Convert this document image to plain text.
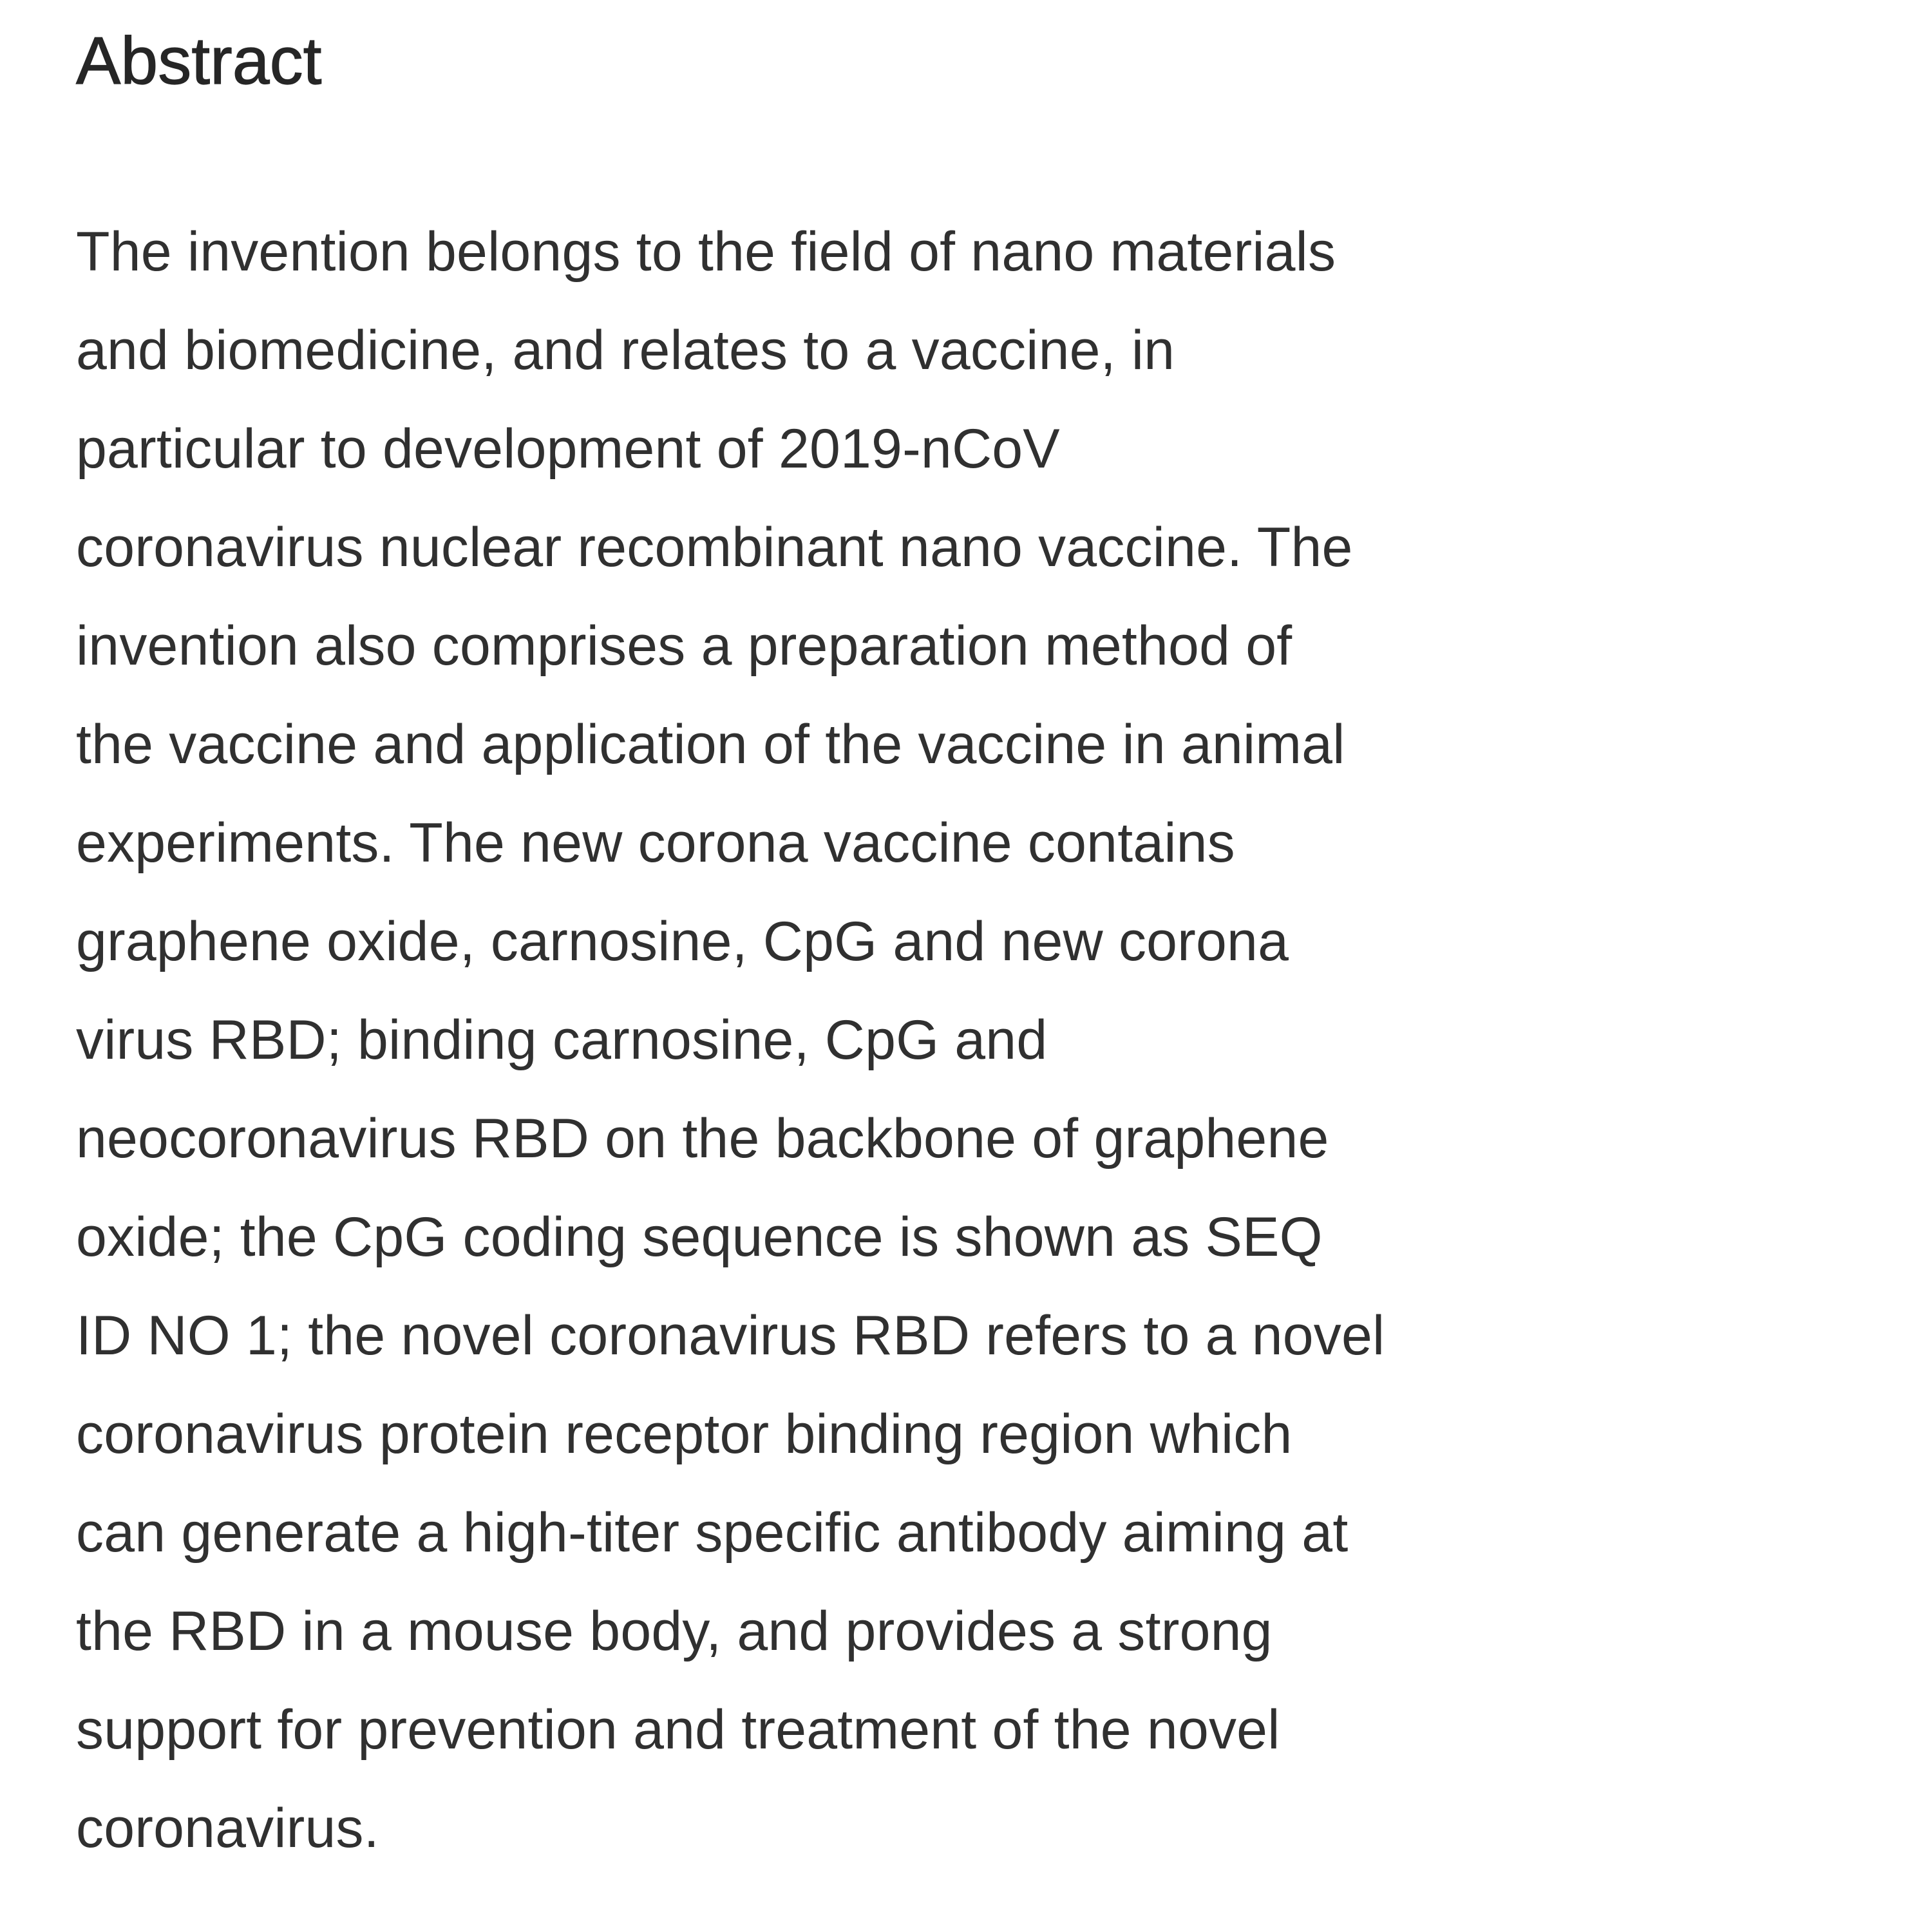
Abstract
The invention belongs to the field of nano materials
and biomedicine, and relates to a vaccine, in
particular to development of 2019-nCoV
coronavirus nuclear recombinant nano vaccine. The
invention also comprises a preparation method of
the vaccine and application of the vaccine in animal
experiments. The new corona vaccine contains
graphene oxide, carnosine, CpG and new corona
virus RBD; binding carnosine, CpG and
neocoronavirus RBD on the backbone of graphene
oxide; the CpG coding sequence is shown as SEQ
ID NO 1; the novel coronavirus RBD refers to a novel
coronavirus protein receptor binding region which
can generate a high-titer specific antibody aiming at
the RBD in a mouse body, and provides a strong
support for prevention and treatment of the novel
coronavirus.
